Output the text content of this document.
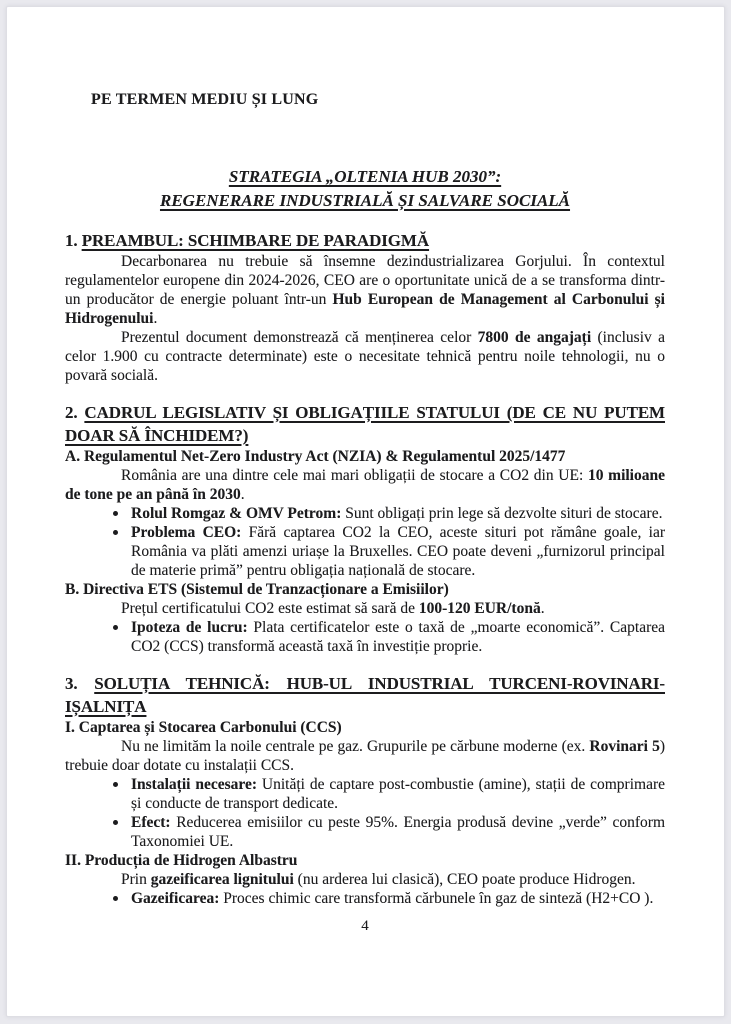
PE TERMEN MEDIU ȘI LUNG
STRATEGIA „OLTENIA HUB 2030”:
REGENERARE INDUSTRIALĂ ȘI SALVARE SOCIALĂ
1. PREAMBUL: SCHIMBARE DE PARADIGMĂ
Decarbonarea nu trebuie să însemne dezindustrializarea Gorjului. În contextul regulamentelor europene din 2024-2026, CEO are o oportunitate unică de a se transforma dintr-un producător de energie poluant într-un Hub European de Management al Carbonului și Hidrogenului.
Prezentul document demonstrează că menținerea celor 7800 de angajați (inclusiv a celor 1.900 cu contracte determinate) este o necesitate tehnică pentru noile tehnologii, nu o povară socială.
2. CADRUL LEGISLATIV ȘI OBLIGAȚIILE STATULUI (DE CE NU PUTEM DOAR SĂ ÎNCHIDEM?)
A. Regulamentul Net-Zero Industry Act (NZIA) & Regulamentul 2025/1477
România are una dintre cele mai mari obligații de stocare a CO2 din UE: 10 milioane de tone pe an până în 2030.
Rolul Romgaz & OMV Petrom: Sunt obligați prin lege să dezvolte situri de stocare.
Problema CEO: Fără captarea CO2 la CEO, aceste situri pot rămâne goale, iar România va plăti amenzi uriașe la Bruxelles. CEO poate deveni „furnizorul principal de materie primă” pentru obligația națională de stocare.
B. Directiva ETS (Sistemul de Tranzacționare a Emisiilor)
Prețul certificatului CO2 este estimat să sară de 100-120 EUR/tonă.
Ipoteza de lucru: Plata certificatelor este o taxă de „moarte economică”. Captarea CO2 (CCS) transformă această taxă în investiție proprie.
3. SOLUȚIA TEHNICĂ: HUB-UL INDUSTRIAL TURCENI-ROVINARI-IȘALNIȚA
I. Captarea și Stocarea Carbonului (CCS)
Nu ne limităm la noile centrale pe gaz. Grupurile pe cărbune moderne (ex. Rovinari 5) trebuie doar dotate cu instalații CCS.
Instalații necesare: Unități de captare post-combustie (amine), stații de comprimare și conducte de transport dedicate.
Efect: Reducerea emisiilor cu peste 95%. Energia produsă devine „verde” conform Taxonomiei UE.
II. Producția de Hidrogen Albastru
Prin gazeificarea lignitului (nu arderea lui clasică), CEO poate produce Hidrogen.
Gazeificarea: Proces chimic care transformă cărbunele în gaz de sinteză (H2+CO ).
4
